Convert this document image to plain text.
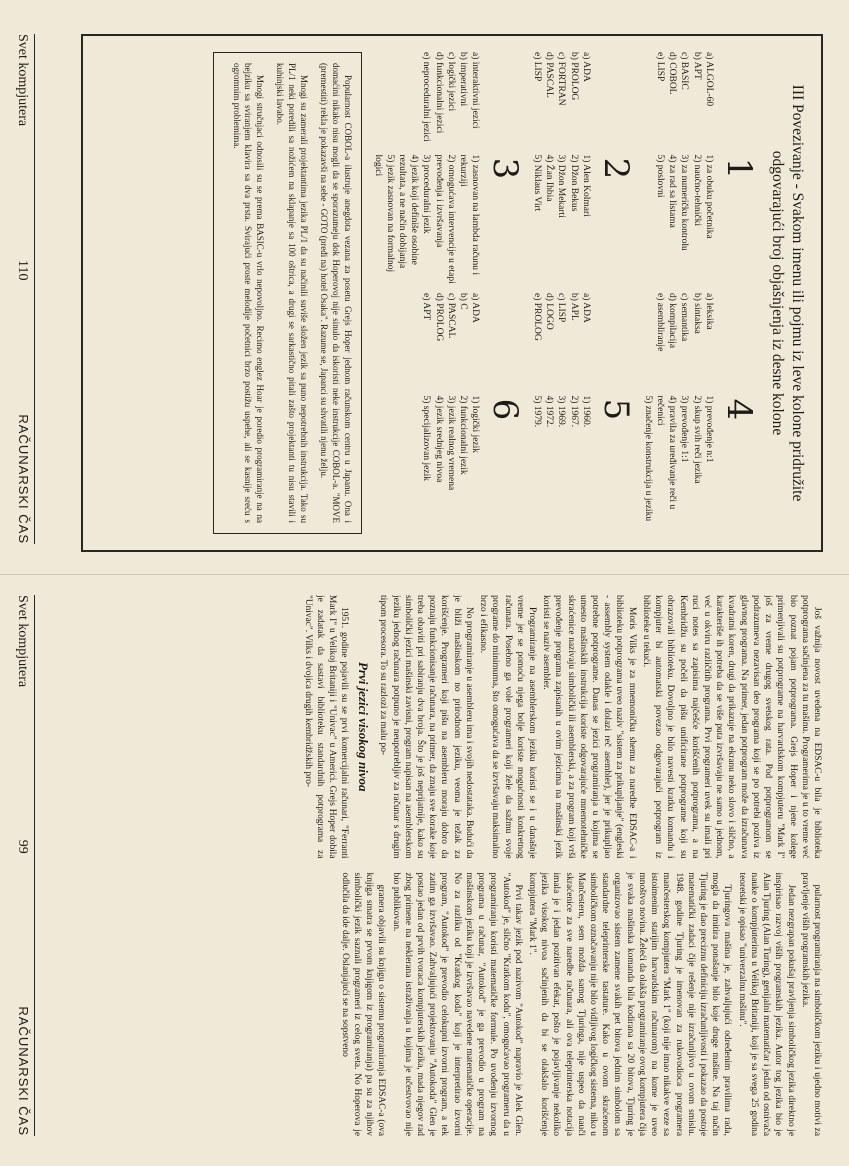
III Povezivanje - Svakom imenu ili pojmu iz leve kolone pridružite
odgovarajući broj objašnjenja iz desne kolone
1
a) ALGOL-60
b) APT
c) BASIC
d) COBOL
e) LISP
1) za obuku početnika
2) naučno-tehnički
3) za numeričku kontrolu
4) za rad sa listama
5) poslovni
4
a) leksika
b) sintaksa
c) semantika
d) kompilacija
e) asembliranje
1) prevođenje n:1
2) skup svih reči jezika
3) prevođenje 1:1
4) pravila za uređivanje reči u rečenici
5) značenje konstrukcija u jeziku
2
a) ADA
b) PROLOG
c) FORTRAN
d) PASCAL
e) LISP
1) Alen Kolmari
2) Džon Bekus
3) Džon Mekarti
4) Žan Ihbia
5) Niklaus Virt
5
a) ADA
b) APL
c) LISP
d) LOGO
e) PROLOG
1) 1960.
2) 1967.
3) 1969.
4) 1972.
5) 1979.
3
a) interaktivni jezici
b) imperativni
c) logički jezici
d) funkcionalni jezici
e) neproceduralni jezici
1) zasnovan na lambda računu i rekurziji
2) omogućava intervencije u etapi prevođenja i izvršavanja
3) proceduralni jezik
4) jezik koji definiše osobine rezultata, a ne način dobijanja
5) jezik zasnovan na formalnoj logici
6
a) ADA
b) C
c) PASCAL
d) PROLOG
e) APT
1) logički jezik
2) funkcionalni jezik
3) jezik realnog vremena
4) jezik srednjeg nivoa
5) specijalizovan jezik

Popularnost COBOL-a ilustruje anegdota vezana za posetu Grejs Hoper jednom računskom centru u Japanu. Ona i domaćini nikako nisu mogli da se sporazumeju dok Hoperovoj nije sinulo da iskoristi neke instrukcije COBOL-a. "MOVE (premestiti) rekla je pokazavši na sebe - GOTO (pređi na) hotel Osaka". Razume se, Japanci su shvatili njenu želju.

Mnogi su zamerali projektantima jezika PL/1 da su načinili suviše složen jezik sa puno nepotrebnih instrukcija. Tako su PL/1 neki poredili sa nožićem na sklapanje sa 100 oštrica, a drugi se sarkastično pitali zašto projektanti tu nisu stavili i kuhinjski lavabo.

Mnogi stručnjaci odnosili su se prema BASIC-u vrlo nepovoljno. Recimo englez Hoar je poredio programiranje na na bejziku sa sviranjem klavira sa dva prsta. Svirajući proste melodije početnici brzo postižu uspehe, ali se kasnije sreću s ogromnim problemima.

Svet kompjutera
110
RAČUNARSKI ČAS

Još važnija novost uvedena na EDSAC-u bila je biblioteka potprograma sačinjena za tu mašinu. Programerima je u to vreme već bio poznat pojam potprograma. Grejs Hoper i njene kolege primenjivali su potprograme na harvardskom kompjuteru "Mark I" još za vreme drugog svetskog rata. Pod potprogramom se podrazumeva nezavisan deo programa koji se po potrebi poziva iz glavnog programa. Na primer, jedan potprogram može da izračunava kvadratni koren, drugi da prikazuje na ekranu neko slovo i slično, a karakteriše ih potreba da se više puta izvršavaju ne samo u jednom, već u okviru različitih programa. Prvi programeri uvek su imali pri ruci notes sa zapisima najčešće korišćenih potprograma, a na Kembridžu su počeli da pišu unificirane potprograme koji su obrazovali biblioteku. Dovoljno je bilo navesti kratku komandu i kompjuter bi automatski povezao odgovarajući potprogram iz biblioteke u tekući.

Moris Vilks je za mnemoničku shemu za naredbe EDSAC-a i biblioteku potprograma uveo naziv "sistem za prikupljanje" (engleski - assembly system odakle i dolazi reč asembler), jer je prikupljao potrebne potprograme. Danas se jezici programiranja u kojima se umesto mašinskih instrukcija koriste odgovarajuće mnemotehničke skraćenice nazivaju simbolički ili asemblerski, a za program koji vrši prevođenje programa zapisanih u ovim jezicima na mašinski jezik koristi se naziv asembler.

Programiranje na asemblerskom jeziku koristi se i u današnje vreme jer se pomoću njega bolje koriste mogućnosti konkretnog računara. Posebno ga vole programeri koji žele da sažmu svoje programe do minimuma, što omogućava da se izvršavaju maksimalno brzo i efikasno.

No programiranje u asembleru ima i svojih nedostataka. Budući da je bliži mašinskom no prirodnom jeziku, veoma je težak za korišćenje. Programeri koji pišu na asembleru moraju dobro da poznaju funkcionisanje računara, na primer, da znaju sve korake koje treba obaviti pri sabiranju dva broja. Što je još neprijatnije, kako su simbolički jezici mašinski zavisni, program napisan na asemblerskom jeziku jednog računara potpuno je neupotrebljiv za računar s drugim tipom procesora. To su razlozi za malu po-

Prvi jezici visokog nivoa

1951. godine pojavili su se prvi komercijalni računari, "Ferranti Mark I" u Velikoj Britaniji i "Univac" u Americi. Grejs Hoper dobila je zadatak da sastavi biblioteku standardnih potprograma za "Univac". Vilks i dvojica drugih kembridžskih pro-

pularnost programiranja na simboličkom jeziku i ujedno motivi za pravljenje viših programskih jezika.

Jedan nezgrapan pokušaj pravljenja simboličkog jezika direktno je inspirisao razvoj viših programskih jezika. Autor tog jezika bio je Alan Tjuring (Alan Turing), genijalni matematičar i jedan od osnivača nauke o kompjuterima u Velikoj Britaniji, koji je sa svega 25 godina teoretski je opisao "univerzalnu mašinu".

Tjuringova mašina je, zahvaljujući određenim pravilima rada, mogla da imitira ponašanje bilo koje druge mašine. Na taj način Tjuring je dao preciznu definiciju izračunljivosti i pokazao da postoje matematički zadaci čije rešenje nije izračunljivo u ovom smislu. 1948. godine Tjuring je imenovan za rukovodioca programera mančesterskog kompjutera "Mark 1" (koji nije imao nikakve veze sa istoimenim starijim harvardskim računarom) na kome je uveo mnoštvo novina. Želeći da olakša programiranje ovog kompjutera čija je svaka mašinska komanda bila kodirana sa 20 bitova, Tjuring je organizovao sistem zamene svakih pet bitova jednim simbolom sa standardne teleprinterske tastature. Kako u ovom skraćenom simboličkom označavanju nije bilo vidljivog logičkog sistema, niko u Mančesteru, sem možda samog Tjuringa, nije uspeo da nauči skraćenice za sve naredbe računara, ali ova teleprinterska notacija imala je i jedan pozitivan efekat, pošto je pojavljivanje nekoliko jezika visokog nivoa sačinjenih da bi se olakšalo korišćenje kompjutera "Mark 1".

Prvi takav jezik pod nazivom "Autokod" napravio je Alek Glen. "Autokod" je, slično "Kratkom kodu", omogućavao programeru da u programiranju koristi matematičke formule. Po uvođenju izvornog programa u računar, "Autokod" je ga prevodio u program na mašinskom jeziku koji je izvršavao navedene matematičke operacije. No za razliku od "Kratkog koda" koji je interpretirao izvorni program, "Autokod" je prevodio celokupni izvorni program, a tek zatim ga izvršavao. Zahvaljujući projektovanju "Autokoda" Glen je postao jedan od prvih tvoraca kompjuterskih jezika, mada njegov rad zbog primene na neklerana istraživanja u kojima je učestvovao nije bio publikovan.

granera objavili su knjigu o sistemu programiranja EDSAC-a (ova knjiga smatra se prvom knjigom iz programiranja) pa su za njihov simbolički jezik saznali programeri iz celog sveta. No Hoperova je odlučila da ide dalje. Oslanjajući se na sopstveno

Svet kompjutera
99
RAČUNARSKI ČAS
